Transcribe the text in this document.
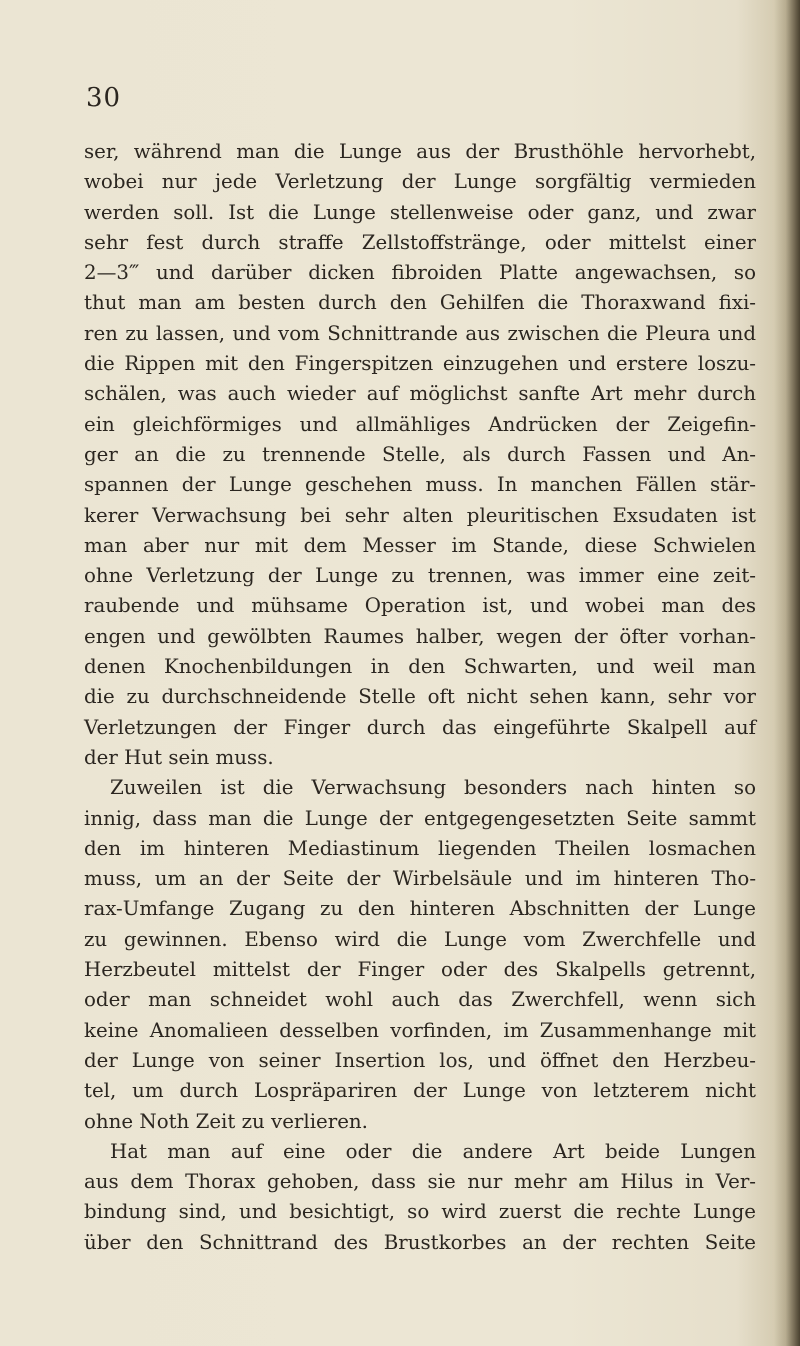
30
ser, während man die Lunge aus der Brusthöhle hervorhebt,
wobei nur jede Verletzung der Lunge sorgfältig vermieden
werden soll. Ist die Lunge stellenweise oder ganz, und zwar
sehr fest durch straffe Zellstoffstränge, oder mittelst einer
2—3‴ und darüber dicken fibroiden Platte angewachsen, so
thut man am besten durch den Gehilfen die Thoraxwand fixi-
ren zu lassen, und vom Schnittrande aus zwischen die Pleura und
die Rippen mit den Fingerspitzen einzugehen und erstere loszu-
schälen, was auch wieder auf möglichst sanfte Art mehr durch
ein gleichförmiges und allmähliges Andrücken der Zeigefin-
ger an die zu trennende Stelle, als durch Fassen und An-
spannen der Lunge geschehen muss. In manchen Fällen stär-
kerer Verwachsung bei sehr alten pleuritischen Exsudaten ist
man aber nur mit dem Messer im Stande, diese Schwielen
ohne Verletzung der Lunge zu trennen, was immer eine zeit-
raubende und mühsame Operation ist, und wobei man des
engen und gewölbten Raumes halber, wegen der öfter vorhan-
denen Knochenbildungen in den Schwarten, und weil man
die zu durchschneidende Stelle oft nicht sehen kann, sehr vor
Verletzungen der Finger durch das eingeführte Skalpell auf
der Hut sein muss.
Zuweilen ist die Verwachsung besonders nach hinten so
innig, dass man die Lunge der entgegengesetzten Seite sammt
den im hinteren Mediastinum liegenden Theilen losmachen
muss, um an der Seite der Wirbelsäule und im hinteren Tho-
rax-Umfange Zugang zu den hinteren Abschnitten der Lunge
zu gewinnen. Ebenso wird die Lunge vom Zwerchfelle und
Herzbeutel mittelst der Finger oder des Skalpells getrennt,
oder man schneidet wohl auch das Zwerchfell, wenn sich
keine Anomalieen desselben vorfinden, im Zusammenhange mit
der Lunge von seiner Insertion los, und öffnet den Herzbeu-
tel, um durch Lospräpariren der Lunge von letzterem nicht
ohne Noth Zeit zu verlieren.
Hat man auf eine oder die andere Art beide Lungen
aus dem Thorax gehoben, dass sie nur mehr am Hilus in Ver-
bindung sind, und besichtigt, so wird zuerst die rechte Lunge
über den Schnittrand des Brustkorbes an der rechten Seite
